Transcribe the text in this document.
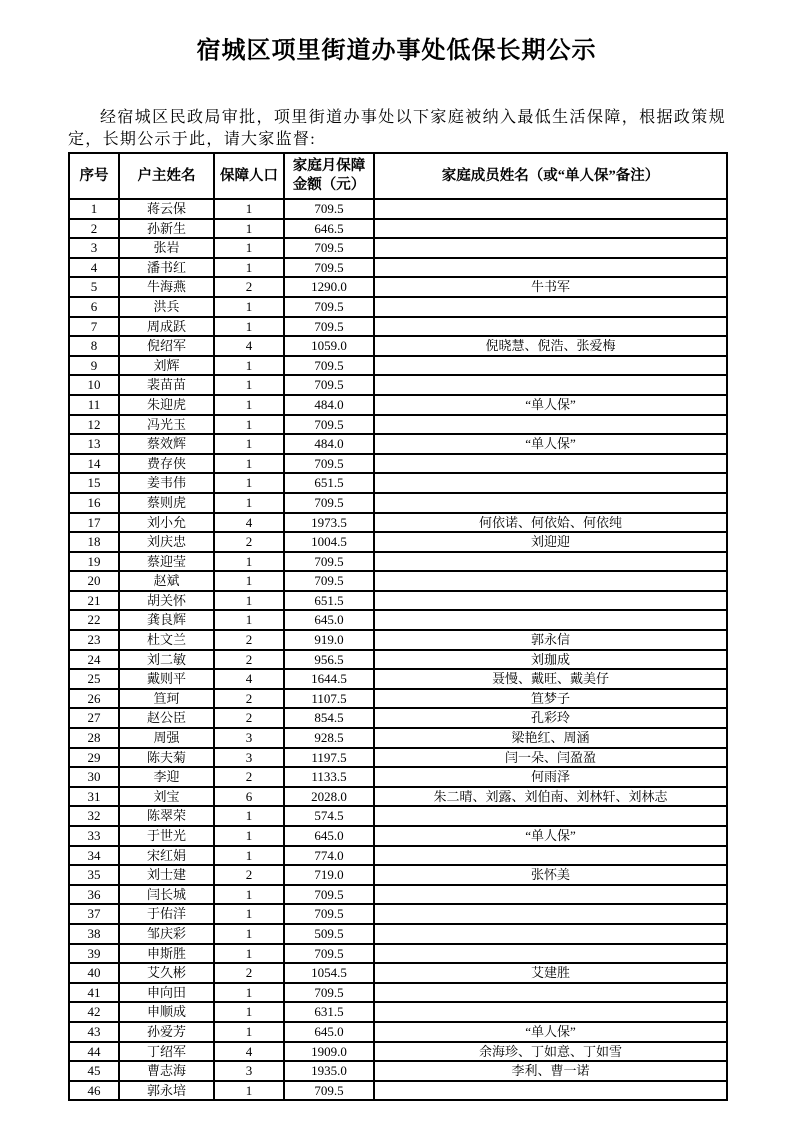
宿城区项里街道办事处低保长期公示

经宿城区民政局审批，项里街道办事处以下家庭被纳入最低生活保障，根据政策规定，长期公示于此，请大家监督:

序号	户主姓名	保障人口	家庭月保障金额（元）	家庭成员姓名（或“单人保”备注）
1	蒋云保	1	709.5	
2	孙新生	1	646.5	
3	张岩	1	709.5	
4	潘书红	1	709.5	
5	牛海燕	2	1290.0	牛书军
6	洪兵	1	709.5	
7	周成跃	1	709.5	
8	倪绍军	4	1059.0	倪晓慧、倪浩、张爱梅
9	刘辉	1	709.5	
10	裴苗苗	1	709.5	
11	朱迎虎	1	484.0	“单人保”
12	冯光玉	1	709.5	
13	蔡效辉	1	484.0	“单人保”
14	费存侠	1	709.5	
15	姜韦伟	1	651.5	
16	蔡则虎	1	709.5	
17	刘小允	4	1973.5	何依诺、何依姶、何依纯
18	刘庆忠	2	1004.5	刘迎迎
19	蔡迎莹	1	709.5	
20	赵斌	1	709.5	
21	胡关怀	1	651.5	
22	龚良辉	1	645.0	
23	杜文兰	2	919.0	郭永信
24	刘二敏	2	956.5	刘珈成
25	戴则平	4	1644.5	聂慢、戴旺、戴美仔
26	笪珂	2	1107.5	笪梦子
27	赵公臣	2	854.5	孔彩玲
28	周强	3	928.5	梁艳红、周涵
29	陈夫菊	3	1197.5	闫一朵、闫盈盈
30	李迎	2	1133.5	何雨泽
31	刘宝	6	2028.0	朱二晴、刘露、刘伯南、刘林轩、刘林志
32	陈翠荣	1	574.5	
33	于世光	1	645.0	“单人保”
34	宋红娟	1	774.0	
35	刘士建	2	719.0	张怀美
36	闫长城	1	709.5	
37	于佑洋	1	709.5	
38	邹庆彩	1	509.5	
39	申斯胜	1	709.5	
40	艾久彬	2	1054.5	艾建胜
41	申向田	1	709.5	
42	申顺成	1	631.5	
43	孙爱芳	1	645.0	“单人保”
44	丁绍军	4	1909.0	余海珍、丁如意、丁如雪
45	曹志海	3	1935.0	李利、曹一诺
46	郭永培	1	709.5	
